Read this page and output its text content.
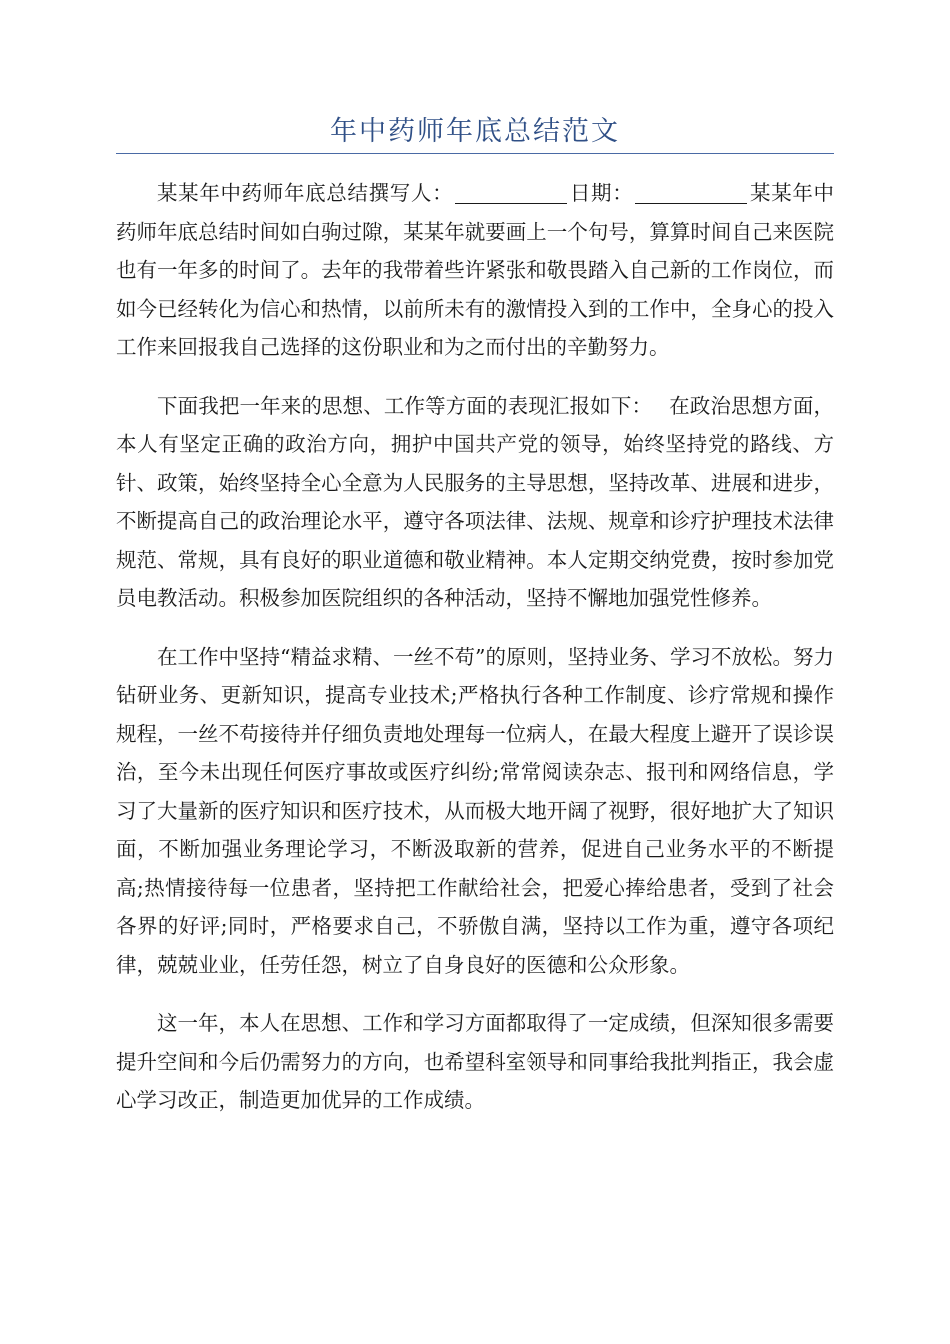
年中药师年底总结范文

某某年中药师年底总结撰写人：	日期：	某某年中药师年底总结时间如白驹过隙，某某年就要画上一个句号，算算时间自己来医院也有一年多的时间了。去年的我带着些许紧张和敬畏踏入自己新的工作岗位，而如今已经转化为信心和热情，以前所未有的激情投入到的工作中，全身心的投入工作来回报我自己选择的这份职业和为之而付出的辛勤努力。

下面我把一年来的思想、工作等方面的表现汇报如下：　 在政治思想方面，本人有坚定正确的政治方向，拥护中国共产党的领导，始终坚持党的路线、方针、政策，始终坚持全心全意为人民服务的主导思想，坚持改革、进展和进步，不断提高自己的政治理论水平，遵守各项法律、法规、规章和诊疗护理技术法律规范、常规，具有良好的职业道德和敬业精神。本人定期交纳党费，按时参加党员电教活动。积极参加医院组织的各种活动，坚持不懈地加强党性修养。

在工作中坚持“精益求精、一丝不苟”的原则，坚持业务、学习不放松。努力钻研业务、更新知识，提高专业技术;严格执行各种工作制度、诊疗常规和操作规程，一丝不苟接待并仔细负责地处理每一位病人，在最大程度上避开了误诊误治，至今未出现任何医疗事故或医疗纠纷;常常阅读杂志、报刊和网络信息，学习了大量新的医疗知识和医疗技术，从而极大地开阔了视野，很好地扩大了知识面，不断加强业务理论学习，不断汲取新的营养，促进自己业务水平的不断提高;热情接待每一位患者，坚持把工作献给社会，把爱心捧给患者，受到了社会各界的好评;同时，严格要求自己，不骄傲自满，坚持以工作为重，遵守各项纪律，兢兢业业，任劳任怨，树立了自身良好的医德和公众形象。

这一年，本人在思想、工作和学习方面都取得了一定成绩，但深知很多需要提升空间和今后仍需努力的方向，也希望科室领导和同事给我批判指正，我会虚心学习改正，制造更加优异的工作成绩。
